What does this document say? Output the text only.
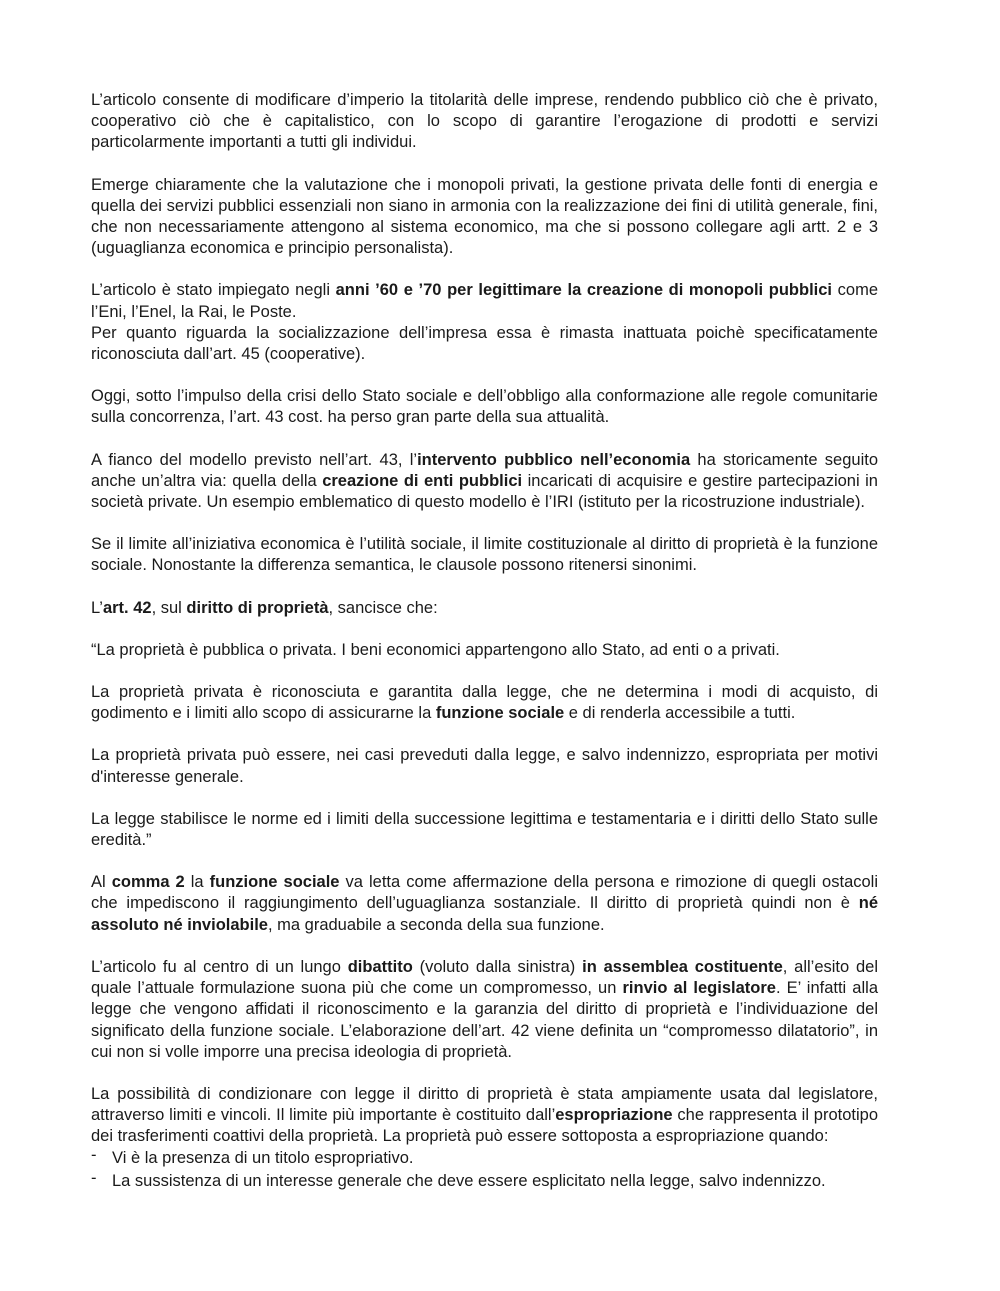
L’articolo consente di modificare d’imperio la titolarità delle imprese, rendendo pubblico ciò che è privato, cooperativo ciò che è capitalistico, con lo scopo di garantire l’erogazione di prodotti e servizi particolarmente importanti a tutti gli individui.

Emerge chiaramente che la valutazione che i monopoli privati, la gestione privata delle fonti di energia e quella dei servizi pubblici essenziali non siano in armonia con la realizzazione dei fini di utilità generale, fini, che non necessariamente attengono al sistema economico, ma che si possono collegare agli artt. 2 e 3 (uguaglianza economica e principio personalista).

L’articolo è stato impiegato negli anni ’60 e ’70 per legittimare la creazione di monopoli pubblici come l’Eni, l’Enel, la Rai, le Poste.

Per quanto riguarda la socializzazione dell’impresa essa è rimasta inattuata poichè specificatamente riconosciuta dall’art. 45 (cooperative).

Oggi, sotto l’impulso della crisi dello Stato sociale e dell’obbligo alla conformazione alle regole comunitarie sulla concorrenza, l’art. 43 cost. ha perso gran parte della sua attualità.

A fianco del modello previsto nell’art. 43, l’intervento pubblico nell’economia ha storicamente seguito anche un’altra via: quella della creazione di enti pubblici incaricati di acquisire e gestire partecipazioni in società private. Un esempio emblematico di questo modello è l’IRI (istituto per la ricostruzione industriale).

Se il limite all’iniziativa economica è l’utilità sociale, il limite costituzionale al diritto di proprietà è la funzione sociale. Nonostante la differenza semantica, le clausole possono ritenersi sinonimi.

L’art. 42, sul diritto di proprietà, sancisce che:

“La proprietà è pubblica o privata. I beni economici appartengono allo Stato, ad enti o a privati.

La proprietà privata è riconosciuta e garantita dalla legge, che ne determina i modi di acquisto, di godimento e i limiti allo scopo di assicurarne la funzione sociale e di renderla accessibile a tutti.

La proprietà privata può essere, nei casi preveduti dalla legge, e salvo indennizzo, espropriata per motivi d'interesse generale.

La legge stabilisce le norme ed i limiti della successione legittima e testamentaria e i diritti dello Stato sulle eredità.”

Al comma 2 la funzione sociale va letta come affermazione della persona e rimozione di quegli ostacoli che impediscono il raggiungimento dell’uguaglianza sostanziale. Il diritto di proprietà quindi non è né assoluto né inviolabile, ma graduabile a seconda della sua funzione.

L’articolo fu al centro di un lungo dibattito (voluto dalla sinistra) in assemblea costituente, all’esito del quale l’attuale formulazione suona più che come un compromesso, un rinvio al legislatore. E’ infatti alla legge che vengono affidati il riconoscimento e la garanzia del diritto di proprietà e l’individuazione del significato della funzione sociale. L’elaborazione dell’art. 42 viene definita un “compromesso dilatatorio”, in cui non si volle imporre una precisa ideologia di proprietà.

La possibilità di condizionare con legge il diritto di proprietà è stata ampiamente usata dal legislatore, attraverso limiti e vincoli. Il limite più importante è costituito dall’espropriazione che rappresenta il prototipo dei trasferimenti coattivi della proprietà. La proprietà può essere sottoposta a espropriazione quando:

- Vi è la presenza di un titolo espropriativo.
- La sussistenza di un interesse generale che deve essere esplicitato nella legge, salvo indennizzo.
